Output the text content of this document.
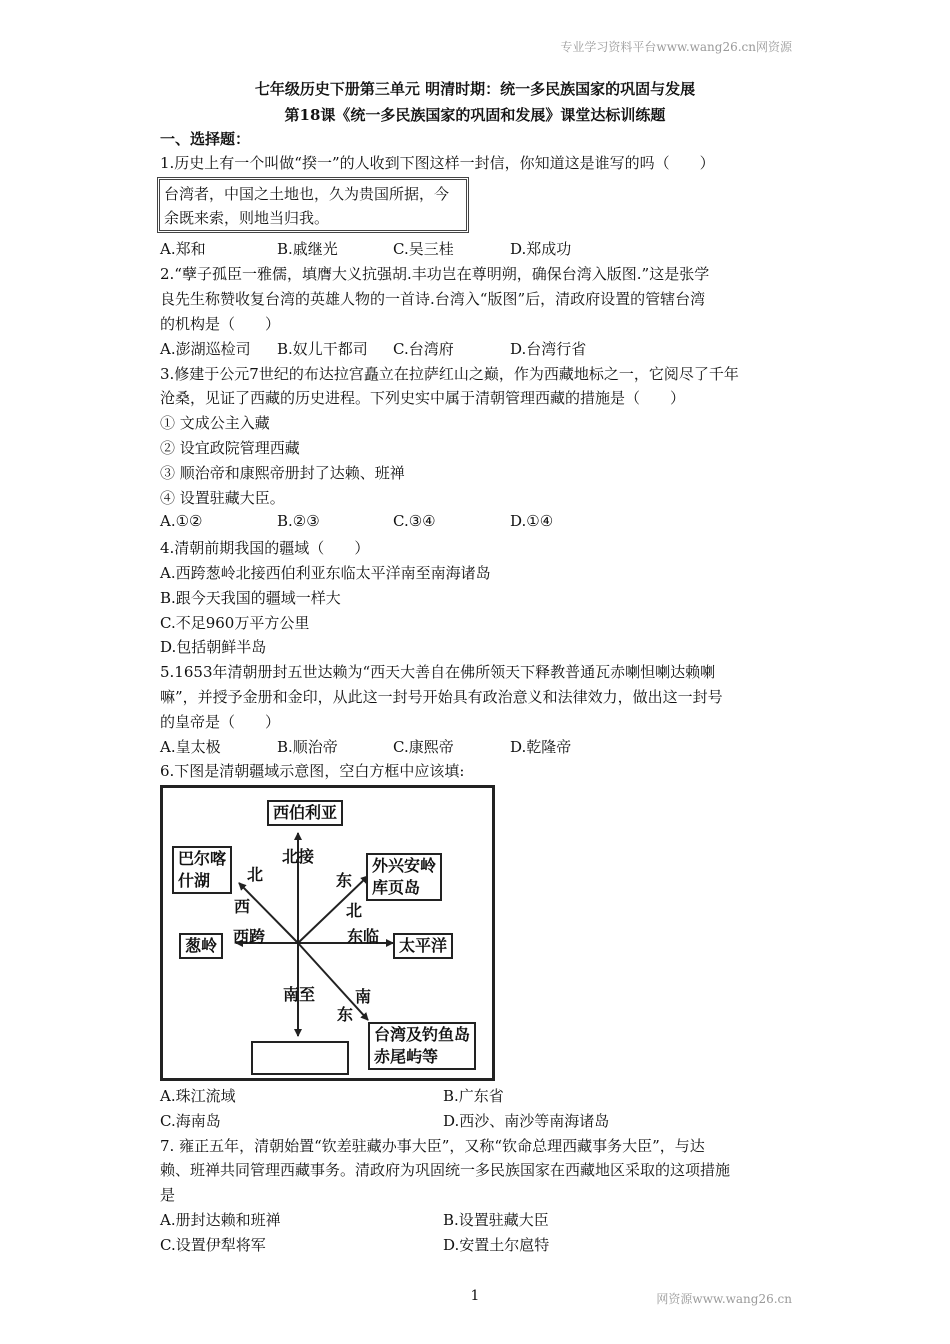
专业学习资料平台www.wang26.cn网资源
七年级历史下册第三单元 明清时期：统一多民族国家的巩固与发展
第18课《统一多民族国家的巩固和发展》课堂达标训练题
一、选择题：
1.历史上有一个叫做“揆一”的人收到下图这样一封信，你知道这是谁写的吗（　　）
台湾者，中国之土地也，久为贵国所据，今
余既来索，则地当归我。
A.郑和	B.戚继光	C.吴三桂	D.郑成功
2.“孽子孤臣一雅儒，填膺大义抗强胡.丰功岂在尊明朔，确保台湾入版图.”这是张学
良先生称赞收复台湾的英雄人物的一首诗.台湾入“版图”后，清政府设置的管辖台湾
的机构是（　　）
A.澎湖巡检司 B.奴儿干都司 C.台湾府	D.台湾行省
3.修建于公元7世纪的布达拉宫矗立在拉萨红山之巅，作为西藏地标之一，它阅尽了千年
沧桑，见证了西藏的历史进程。下列史实中属于清朝管理西藏的措施是（　　）
① 文成公主入藏
② 设宜政院管理西藏
③ 顺治帝和康熙帝册封了达赖、班禅
④ 设置驻藏大臣。
A.①②	B.②③	C.③④	D.①④
4.清朝前期我国的疆域（　　）
A.西跨葱岭北接西伯利亚东临太平洋南至南海诸岛
B.跟今天我国的疆域一样大
C.不足960万平方公里
D.包括朝鲜半岛
5.1653年清朝册封五世达赖为“西天大善自在佛所领天下释教普通瓦赤喇怛喇达赖喇
嘛”，并授予金册和金印，从此这一封号开始具有政治意义和法律效力，做出这一封号
的皇帝是（　　）
A.皇太极	B.顺治帝	C.康熙帝	D.乾隆帝
6.下图是清朝疆域示意图，空白方框中应该填:
西伯利亚
巴尔喀
什湖
外兴安岭
库页岛
葱岭	太平洋
台湾及钓鱼岛
赤尾屿等
北接
北
西
东
北
西跨	东临
南至 南
东
A.珠江流域	B.广东省
C.海南岛	D.西沙、南沙等南海诸岛
7. 雍正五年，清朝始置“钦差驻藏办事大臣”，又称“钦命总理西藏事务大臣”，与达
赖、班禅共同管理西藏事务。清政府为巩固统一多民族国家在西藏地区采取的这项措施
是
A.册封达赖和班禅	B.设置驻藏大臣
C.设置伊犁将军	D.安置土尔扈特
1	网资源www.wang26.cn
